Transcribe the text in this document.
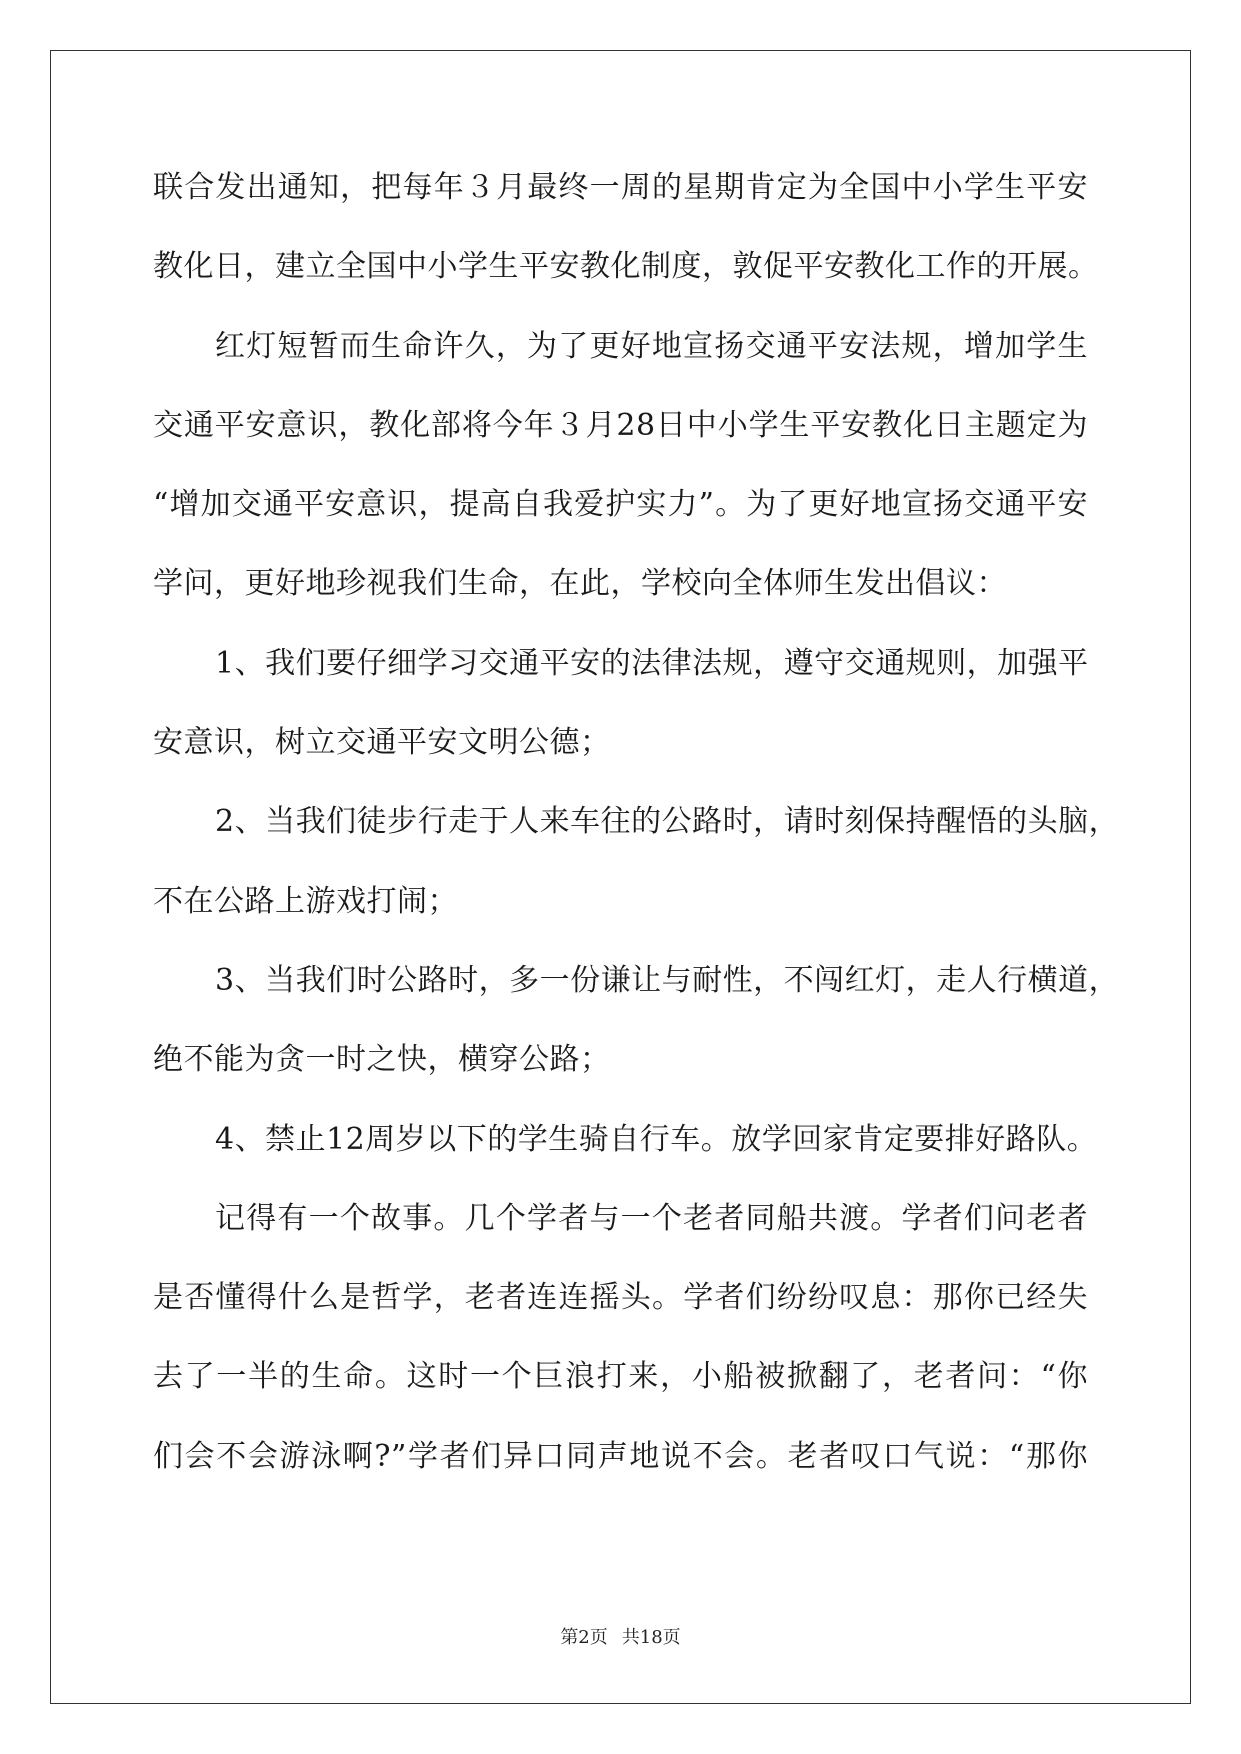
联合发出通知，把每年３月最终一周的星期肯定为全国中小学生平安
教化日，建立全国中小学生平安教化制度，敦促平安教化工作的开展。
红灯短暂而生命许久，为了更好地宣扬交通平安法规，增加学生
交通平安意识，教化部将今年３月28日中小学生平安教化日主题定为
“增加交通平安意识，提高自我爱护实力”。为了更好地宣扬交通平安
学问，更好地珍视我们生命，在此，学校向全体师生发出倡议：
1、我们要仔细学习交通平安的法律法规，遵守交通规则，加强平
安意识，树立交通平安文明公德；
2、当我们徒步行走于人来车往的公路时，请时刻保持醒悟的头脑，
不在公路上游戏打闹；
3、当我们时公路时，多一份谦让与耐性，不闯红灯，走人行横道，
绝不能为贪一时之快，横穿公路；
4、禁止12周岁以下的学生骑自行车。放学回家肯定要排好路队。
记得有一个故事。几个学者与一个老者同船共渡。学者们问老者
是否懂得什么是哲学，老者连连摇头。学者们纷纷叹息：那你已经失
去了一半的生命。这时一个巨浪打来，小船被掀翻了，老者问：“你
们会不会游泳啊?”学者们异口同声地说不会。老者叹口气说：“那你
第2页 共18页
